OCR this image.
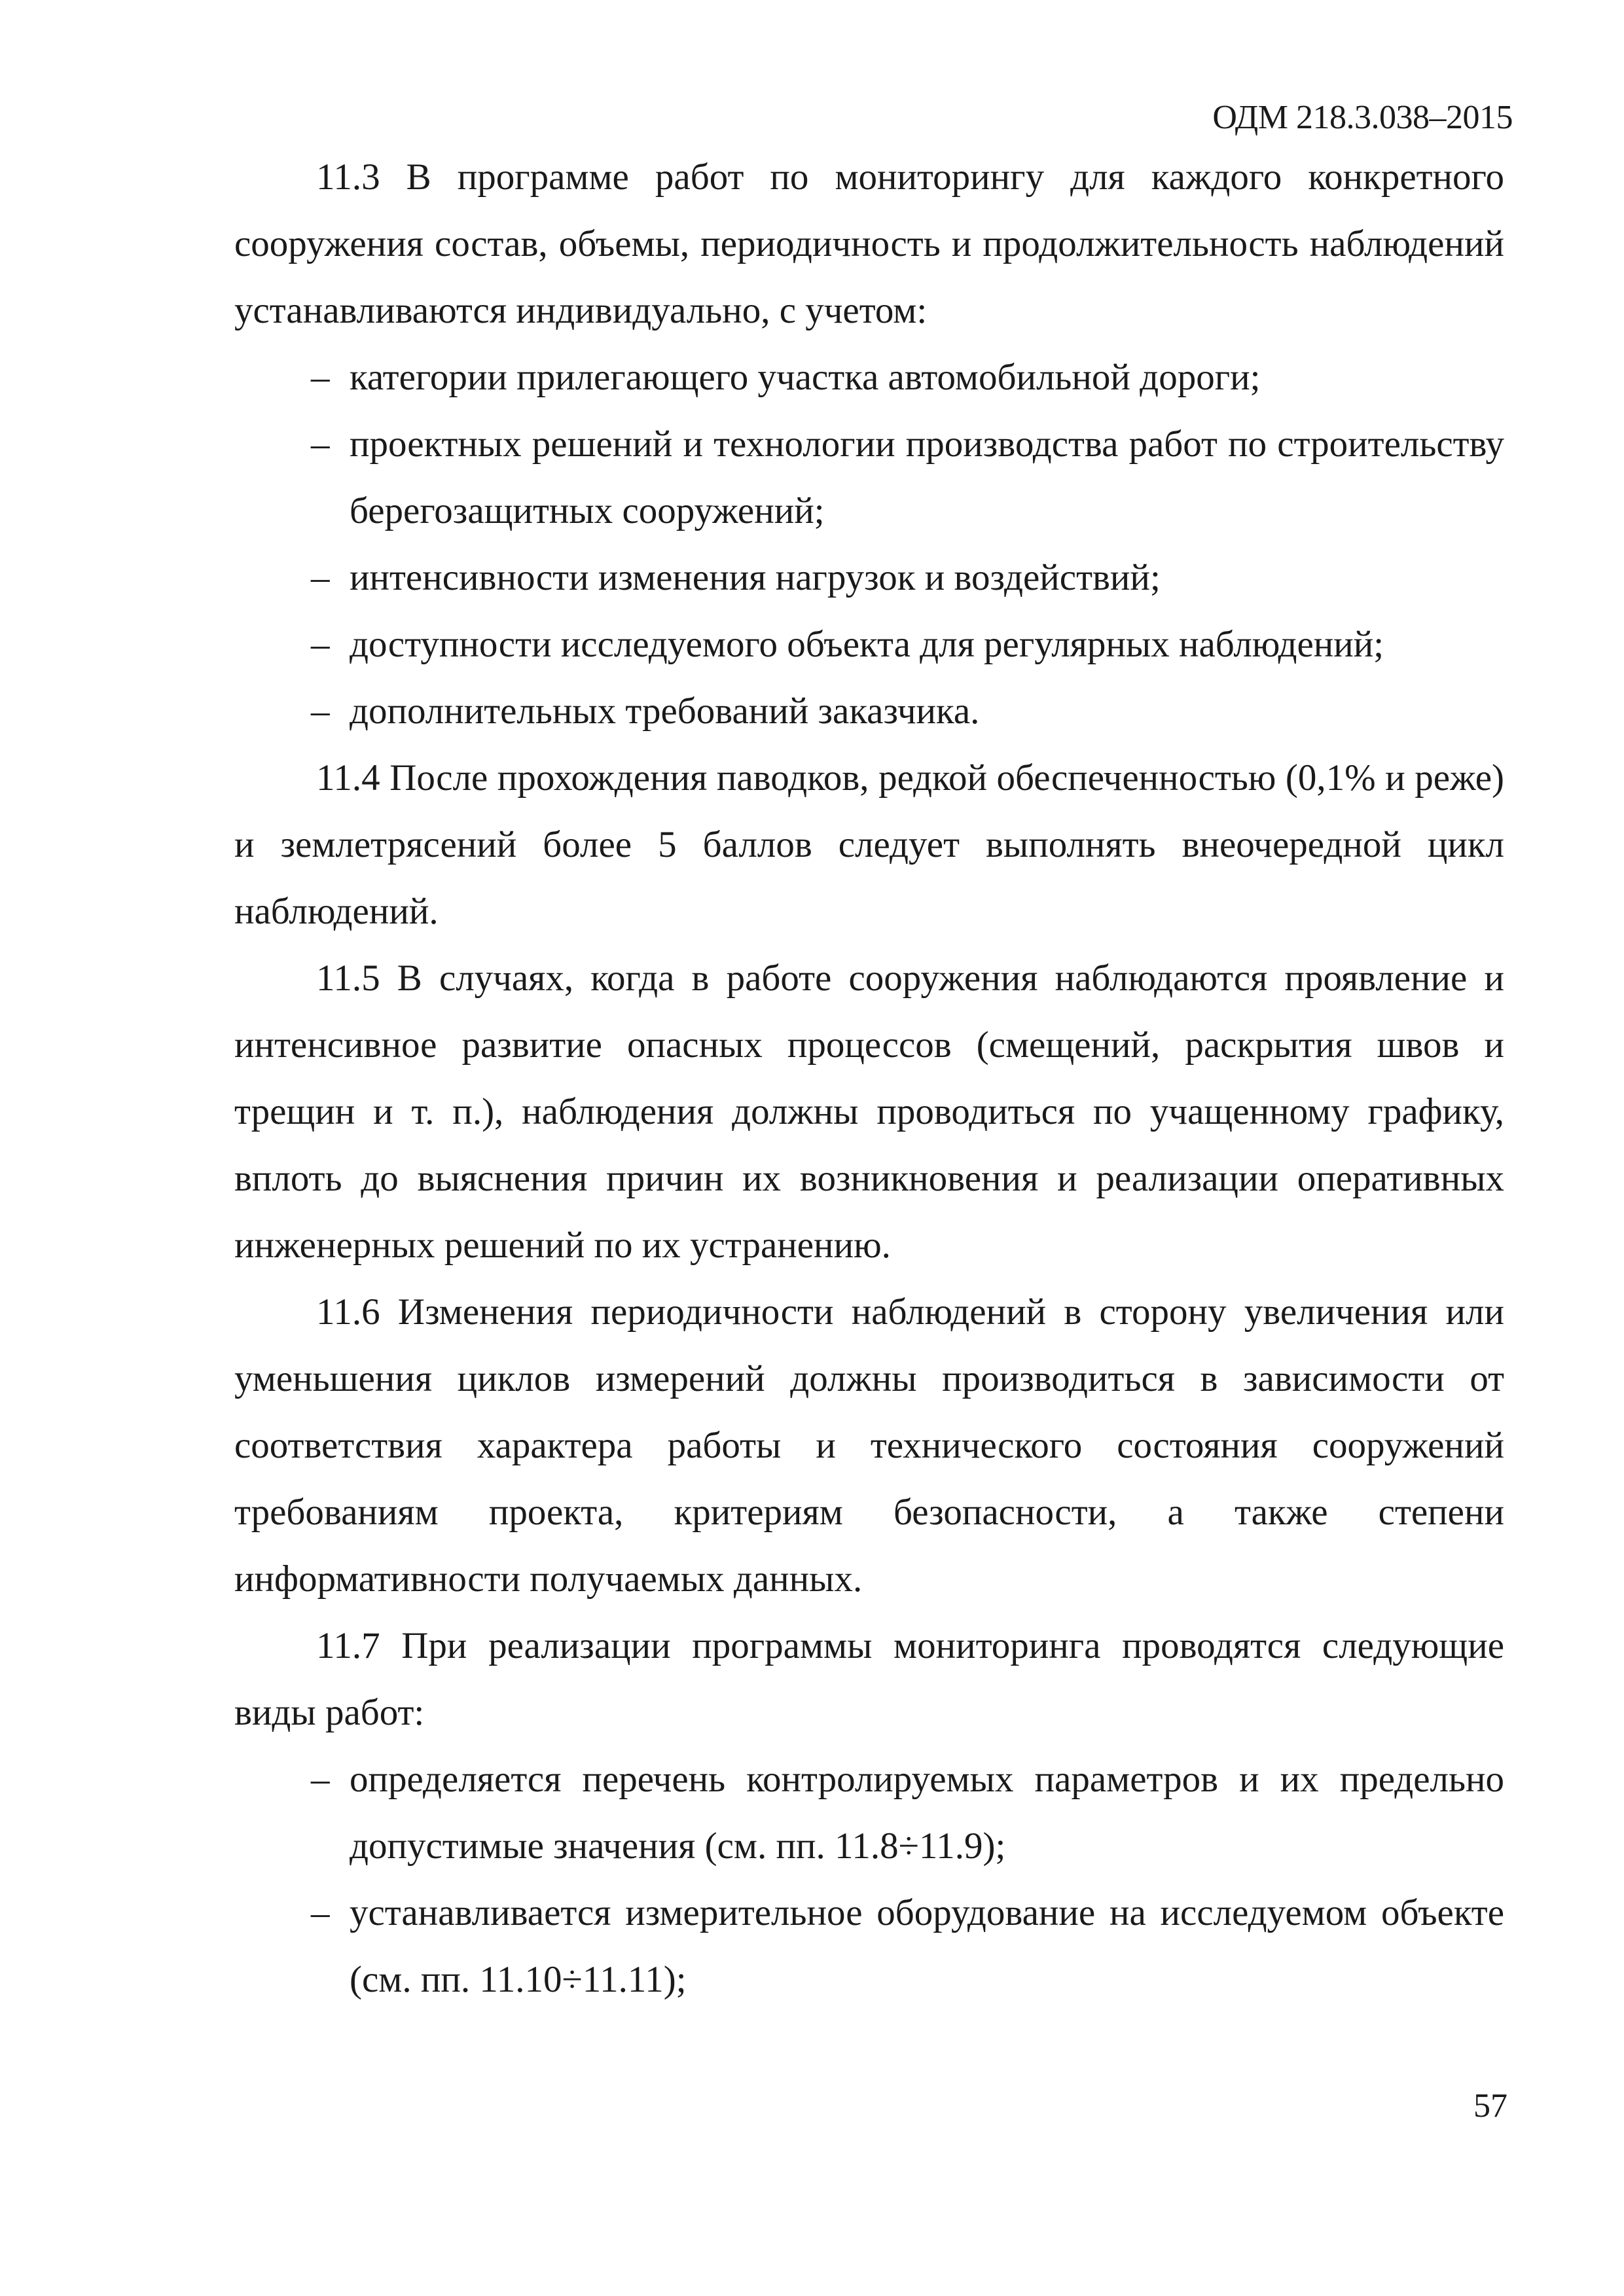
ОДМ 218.3.038–2015

11.3 В программе работ по мониторингу для каждого конкретного сооружения состав, объемы, периодичность и продолжительность наблюдений устанавливаются индивидуально, с учетом:

– категории прилегающего участка автомобильной дороги;
– проектных решений и технологии производства работ по строительству берегозащитных сооружений;
– интенсивности изменения нагрузок и воздействий;
– доступности исследуемого объекта для регулярных наблюдений;
– дополнительных требований заказчика.

11.4 После прохождения паводков, редкой обеспеченностью (0,1% и реже) и землетрясений более 5 баллов следует выполнять внеочередной цикл наблюдений.

11.5 В случаях, когда в работе сооружения наблюдаются проявление и интенсивное развитие опасных процессов (смещений, раскрытия швов и трещин и т. п.), наблюдения должны проводиться по учащенному графику, вплоть до выяснения причин их возникновения и реализации оперативных инженерных решений по их устранению.

11.6 Изменения периодичности наблюдений в сторону увеличения или уменьшения циклов измерений должны производиться в зависимости от соответствия характера работы и технического состояния сооружений требованиям проекта, критериям безопасности, а также степени информативности получаемых данных.

11.7 При реализации программы мониторинга проводятся следующие виды работ:

– определяется перечень контролируемых параметров и их предельно допустимые значения (см. пп. 11.8÷11.9);
– устанавливается измерительное оборудование на исследуемом объекте (см. пп. 11.10÷11.11);
57
